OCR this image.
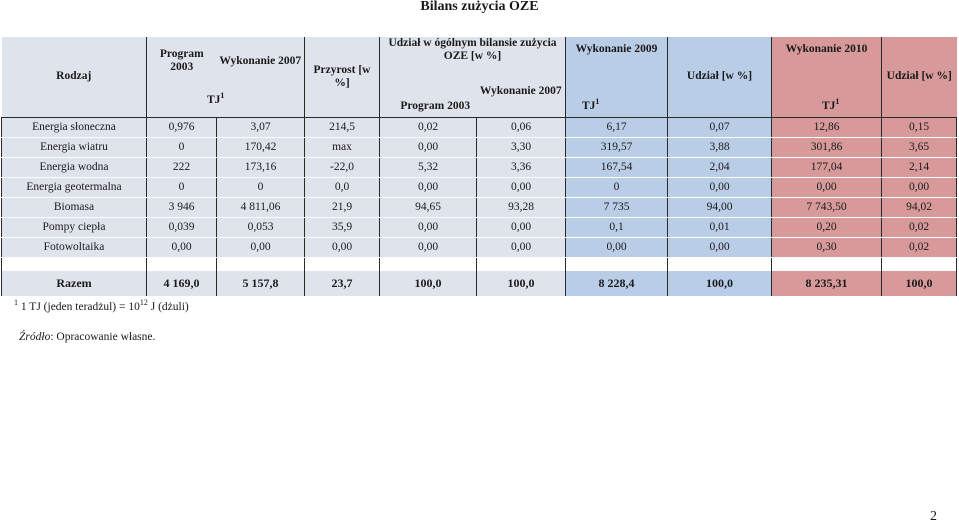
Bilans zużycia OZE
Rodzaj	Program 2003	Wykonanie 2007	Przyrost [w %]	Udział w ógólnym bilansie zużycia OZE [w %]		Wykonanie 2009	Udział [w %]	Wykonanie 2010	Udział [w %]

	$TJ^1$			Program 2003	Wykonanie 2007	$TJ^1$		$TJ^1$
Energia słoneczna	0,976	3,07	214,5	0,02	0,06	6,17	0,07	12,86	0,15
Energia wiatru	0	170,42	max	0,00	3,30	319,57	3,88	301,86	3,65
Energia wodna	222	173,16	-22,0	5,32	3,36	167,54	2,04	177,04	2,14
Energia geotermalna	0	0	0,0	0,00	0,00	0	0,00	0,00	0,00
Biomasa	3 946	4 811,06	21,9	94,65	93,28	7 735	94,00	7 743,50	94,02
Pompy ciepła	0,039	0,053	35,9	0,00	0,00	0,1	0,01	0,20	0,02
Fotowoltaika	0,00	0,00	0,00	0,00	0,00	0,00	0,00	0,30	0,02

Razem	4 169,0	5 157,8	23,7	100,0	100,0	8 228,4	100,0	8 235,31	100,0
$^1$ 1 TJ (jeden teradżul) = $10^{12}$ J (dżuli)
Źródło: Opracowanie własne.
2
